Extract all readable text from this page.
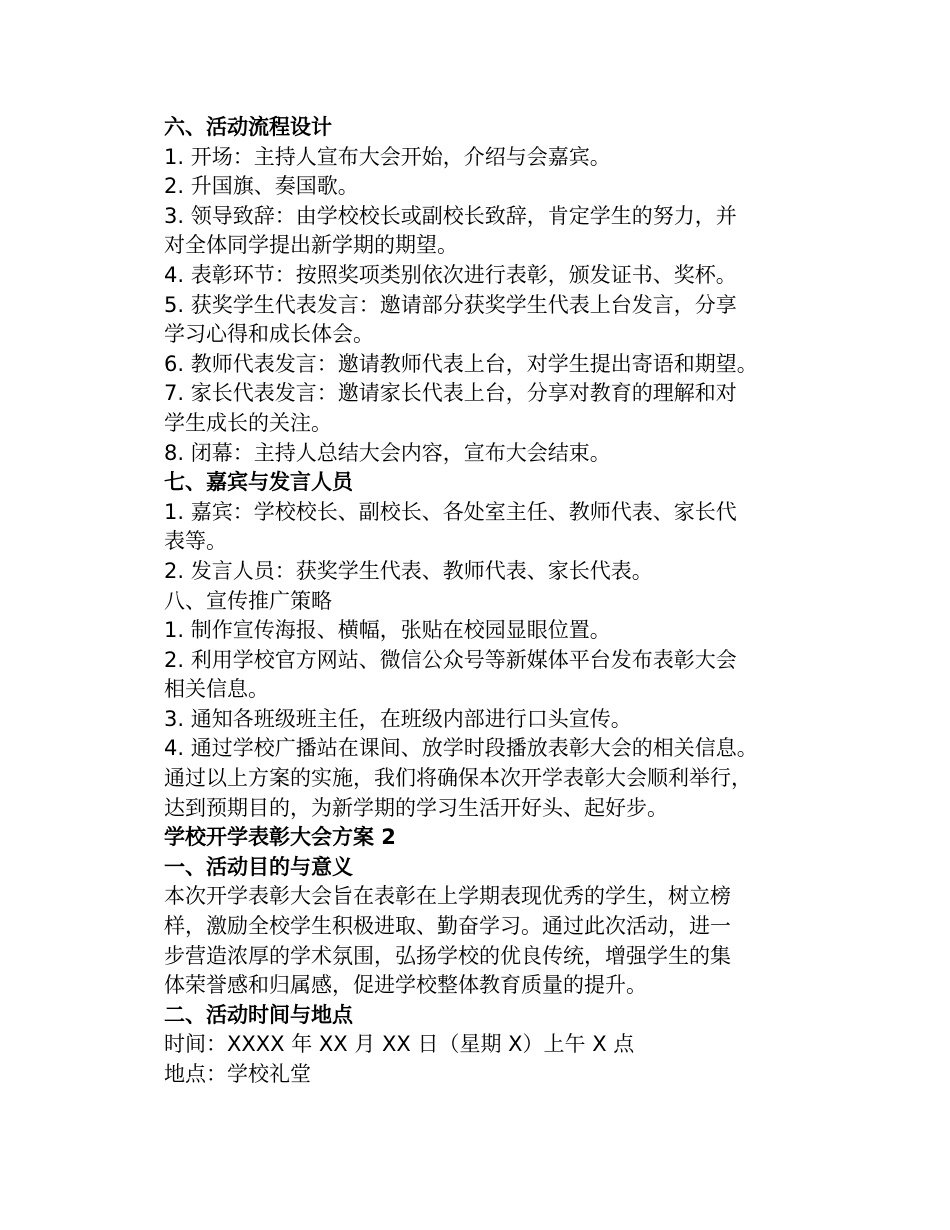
六、活动流程设计

1. 开场：主持人宣布大会开始，介绍与会嘉宾。

2. 升国旗、奏国歌。

3. 领导致辞：由学校校长或副校长致辞，肯定学生的努力，并

对全体同学提出新学期的期望。

4. 表彰环节：按照奖项类别依次进行表彰，颁发证书、奖杯。

5. 获奖学生代表发言：邀请部分获奖学生代表上台发言，分享

学习心得和成长体会。

6. 教师代表发言：邀请教师代表上台，对学生提出寄语和期望。

7. 家长代表发言：邀请家长代表上台，分享对教育的理解和对

学生成长的关注。

8. 闭幕：主持人总结大会内容，宣布大会结束。

七、嘉宾与发言人员

1. 嘉宾：学校校长、副校长、各处室主任、教师代表、家长代

表等。

2. 发言人员：获奖学生代表、教师代表、家长代表。

八、宣传推广策略

1. 制作宣传海报、横幅，张贴在校园显眼位置。

2. 利用学校官方网站、微信公众号等新媒体平台发布表彰大会

相关信息。

3. 通知各班级班主任，在班级内部进行口头宣传。

4. 通过学校广播站在课间、放学时段播放表彰大会的相关信息。

通过以上方案的实施，我们将确保本次开学表彰大会顺利举行，

达到预期目的，为新学期的学习生活开好头、起好步。

学校开学表彰大会方案 2

一、活动目的与意义

本次开学表彰大会旨在表彰在上学期表现优秀的学生，树立榜

样，激励全校学生积极进取、勤奋学习。通过此次活动，进一

步营造浓厚的学术氛围，弘扬学校的优良传统，增强学生的集

体荣誉感和归属感，促进学校整体教育质量的提升。

二、活动时间与地点

时间：XXXX 年 XX 月 XX 日（星期 X）上午 X 点

地点：学校礼堂
